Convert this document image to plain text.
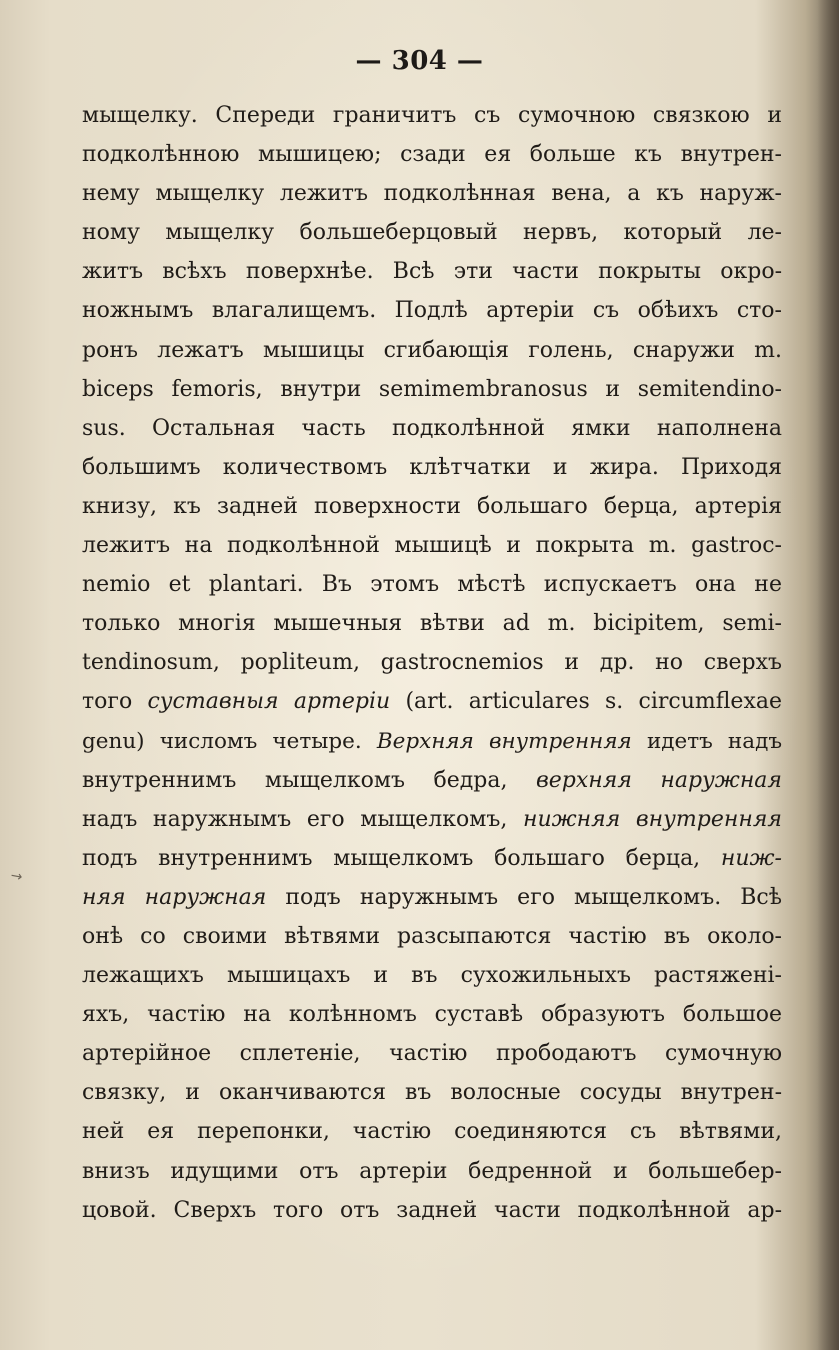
— 304 —
↘
мыщелку. Спереди граничитъ съ сумочною связкою и
подколѣнною мышицею; сзади ея больше къ внутрен-
нему мыщелку лежитъ подколѣнная вена, а къ наруж-
ному мыщелку большеберцовый нервъ, который ле-
житъ всѣхъ поверхнѣе. Всѣ эти части покрыты окро-
ножнымъ влагалищемъ. Подлѣ артеріи съ обѣихъ сто-
ронъ лежатъ мышицы сгибающія голень, снаружи m.
biceps femoris, внутри semimembranosus и semitendino-
sus. Остальная часть подколѣнной ямки наполнена
большимъ количествомъ клѣтчатки и жира. Приходя
книзу, къ задней поверхности большаго берца, артерія
лежитъ на подколѣнной мышицѣ и покрыта m. gastroc-
nemio et plantari. Въ этомъ мѣстѣ испускаетъ она не
только многія мышечныя вѣтви ad m. bicipitem, semi-
tendinosum, popliteum, gastrocnemios и др. но сверхъ
того суставныя артеріи (art. articulares s. circumflexae
genu) числомъ четыре. Верхняя внутренняя идетъ надъ
внутреннимъ мыщелкомъ бедра, верхняя наружная
надъ наружнымъ его мыщелкомъ, нижняя внутренняя
подъ внутреннимъ мыщелкомъ большаго берца, ниж-
няя наружная подъ наружнымъ его мыщелкомъ. Всѣ
онѣ со своими вѣтвями разсыпаются частію въ около-
лежащихъ мышицахъ и въ сухожильныхъ растяжені-
яхъ, частію на колѣнномъ суставѣ образуютъ большое
артерійное сплетеніе, частію прободаютъ сумочную
связку, и оканчиваются въ волосные сосуды внутрен-
ней ея перепонки, частію соединяются съ вѣтвями,
внизъ идущими отъ артеріи бедренной и большебер-
цовой. Сверхъ того отъ задней части подколѣнной ар-
